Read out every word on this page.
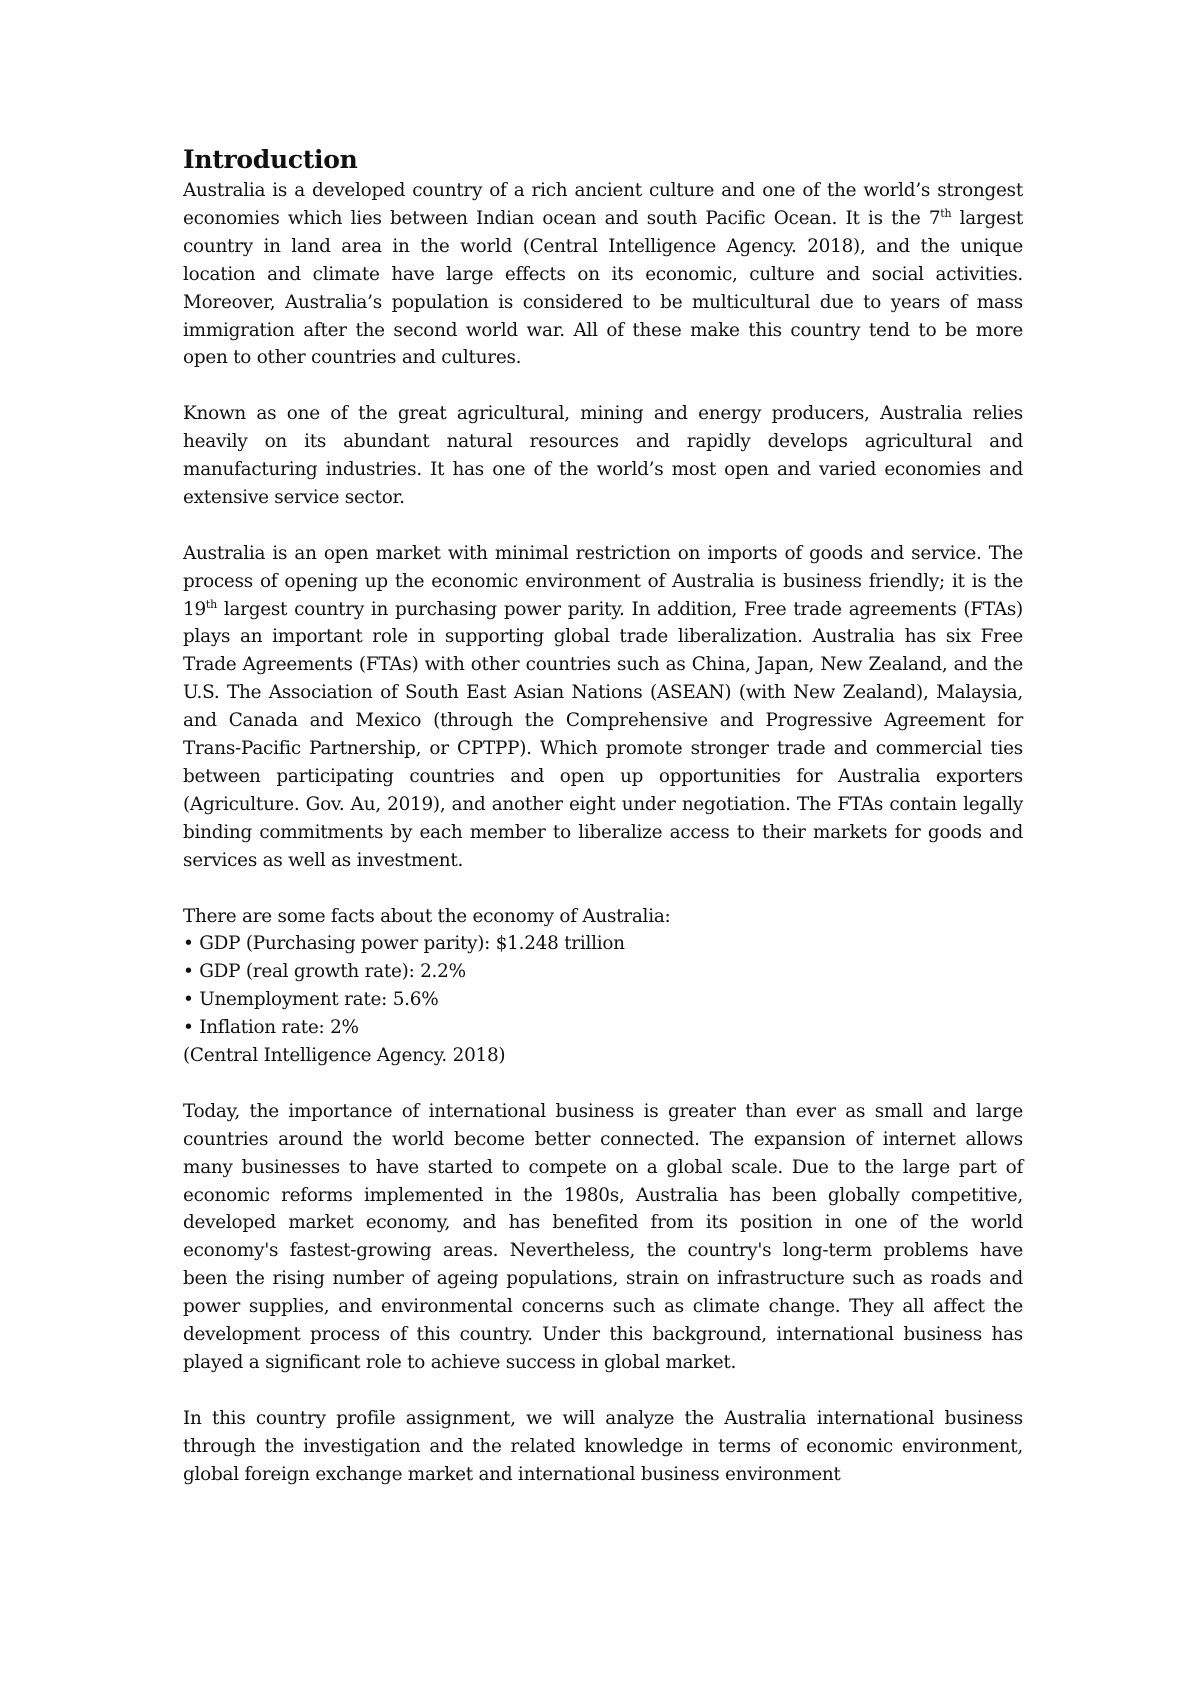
Introduction

Australia is a developed country of a rich ancient culture and one of the world’s strongest economies which lies between Indian ocean and south Pacific Ocean. It is the 7th largest country in land area in the world (Central Intelligence Agency. 2018), and the unique location and climate have large effects on its economic, culture and social activities. Moreover, Australia’s population is considered to be multicultural due to years of mass immigration after the second world war. All of these make this country tend to be more open to other countries and cultures.

Known as one of the great agricultural, mining and energy producers, Australia relies heavily on its abundant natural resources and rapidly develops agricultural and manufacturing industries. It has one of the world’s most open and varied economies and extensive service sector.

Australia is an open market with minimal restriction on imports of goods and service. The process of opening up the economic environment of Australia is business friendly; it is the 19th largest country in purchasing power parity. In addition, Free trade agreements (FTAs) plays an important role in supporting global trade liberalization. Australia has six Free Trade Agreements (FTAs) with other countries such as China, Japan, New Zealand, and the U.S. The Association of South East Asian Nations (ASEAN) (with New Zealand), Malaysia, and Canada and Mexico (through the Comprehensive and Progressive Agreement for Trans-Pacific Partnership, or CPTPP). Which promote stronger trade and commercial ties between participating countries and open up opportunities for Australia exporters (Agriculture. Gov. Au, 2019), and another eight under negotiation. The FTAs contain legally binding commitments by each member to liberalize access to their markets for goods and services as well as investment.

There are some facts about the economy of Australia:

• GDP (Purchasing power parity): $1.248 trillion
• GDP (real growth rate): 2.2%
• Unemployment rate: 5.6%
• Inflation rate: 2%

(Central Intelligence Agency. 2018)

Today, the importance of international business is greater than ever as small and large countries around the world become better connected. The expansion of internet allows many businesses to have started to compete on a global scale. Due to the large part of economic reforms implemented in the 1980s, Australia has been globally competitive, developed market economy, and has benefited from its position in one of the world economy's fastest-growing areas. Nevertheless, the country's long-term problems have been the rising number of ageing populations, strain on infrastructure such as roads and power supplies, and environmental concerns such as climate change. They all affect the development process of this country. Under this background, international business has played a significant role to achieve success in global market.

In this country profile assignment, we will analyze the Australia international business through the investigation and the related knowledge in terms of economic environment, global foreign exchange market and international business environment
